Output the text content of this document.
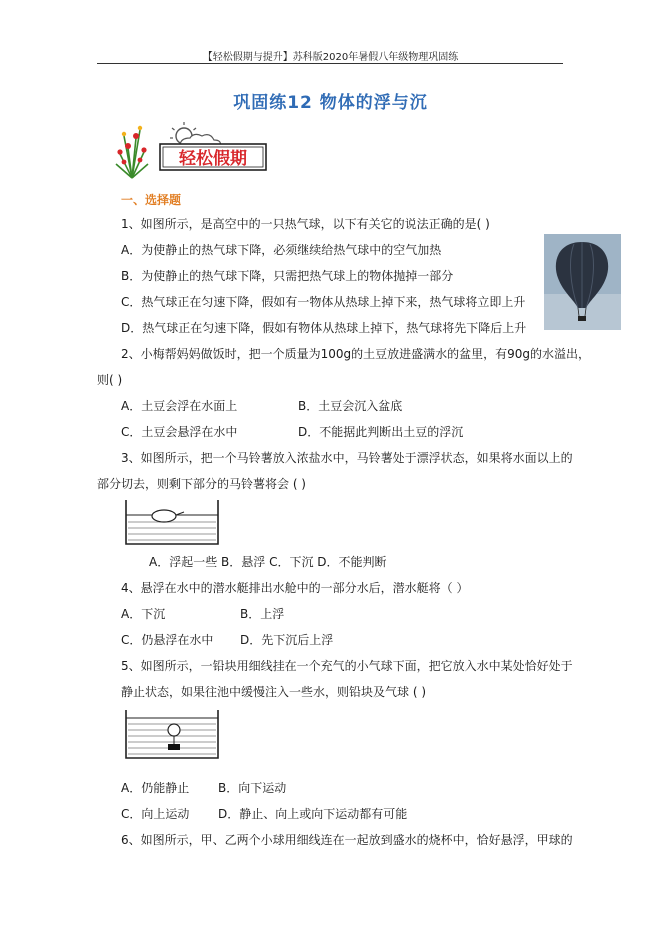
【轻松假期与提升】苏科版2020年暑假八年级物理巩固练
巩固练12 物体的浮与沉
轻松假期
一、选择题
1、如图所示，是高空中的一只热气球，以下有关它的说法正确的是( )
A．为使静止的热气球下降，必须继续给热气球中的空气加热
B．为使静止的热气球下降，只需把热气球上的物体抛掉一部分
C．热气球正在匀速下降，假如有一物体从热球上掉下来，热气球将立即上升
D．热气球正在匀速下降，假如有物体从热球上掉下，热气球将先下降后上升
2、小梅帮妈妈做饭时，把一个质量为100g的土豆放进盛满水的盆里，有90g的水溢出，
则( )
A．土豆会浮在水面上	B．土豆会沉入盆底
C．土豆会悬浮在水中	D．不能据此判断出土豆的浮沉
3、如图所示，把一个马铃薯放入浓盐水中，马铃薯处于漂浮状态，如果将水面以上的
部分切去，则剩下部分的马铃薯将会 ( )
A．浮起一些 B．悬浮 C．下沉 D．不能判断
4、悬浮在水中的潜水艇排出水舱中的一部分水后，潜水艇将（ ）
A．下沉	B．上浮
C．仍悬浮在水中 D．先下沉后上浮
5、如图所示，一铅块用细线挂在一个充气的小气球下面，把它放入水中某处恰好处于
静止状态，如果往池中缓慢注入一些水，则铅块及气球 ( )
A．仍能静止 B．向下运动
C．向上运动 D．静止、向上或向下运动都有可能
6、如图所示，甲、乙两个小球用细线连在一起放到盛水的烧杯中，恰好悬浮，甲球的
